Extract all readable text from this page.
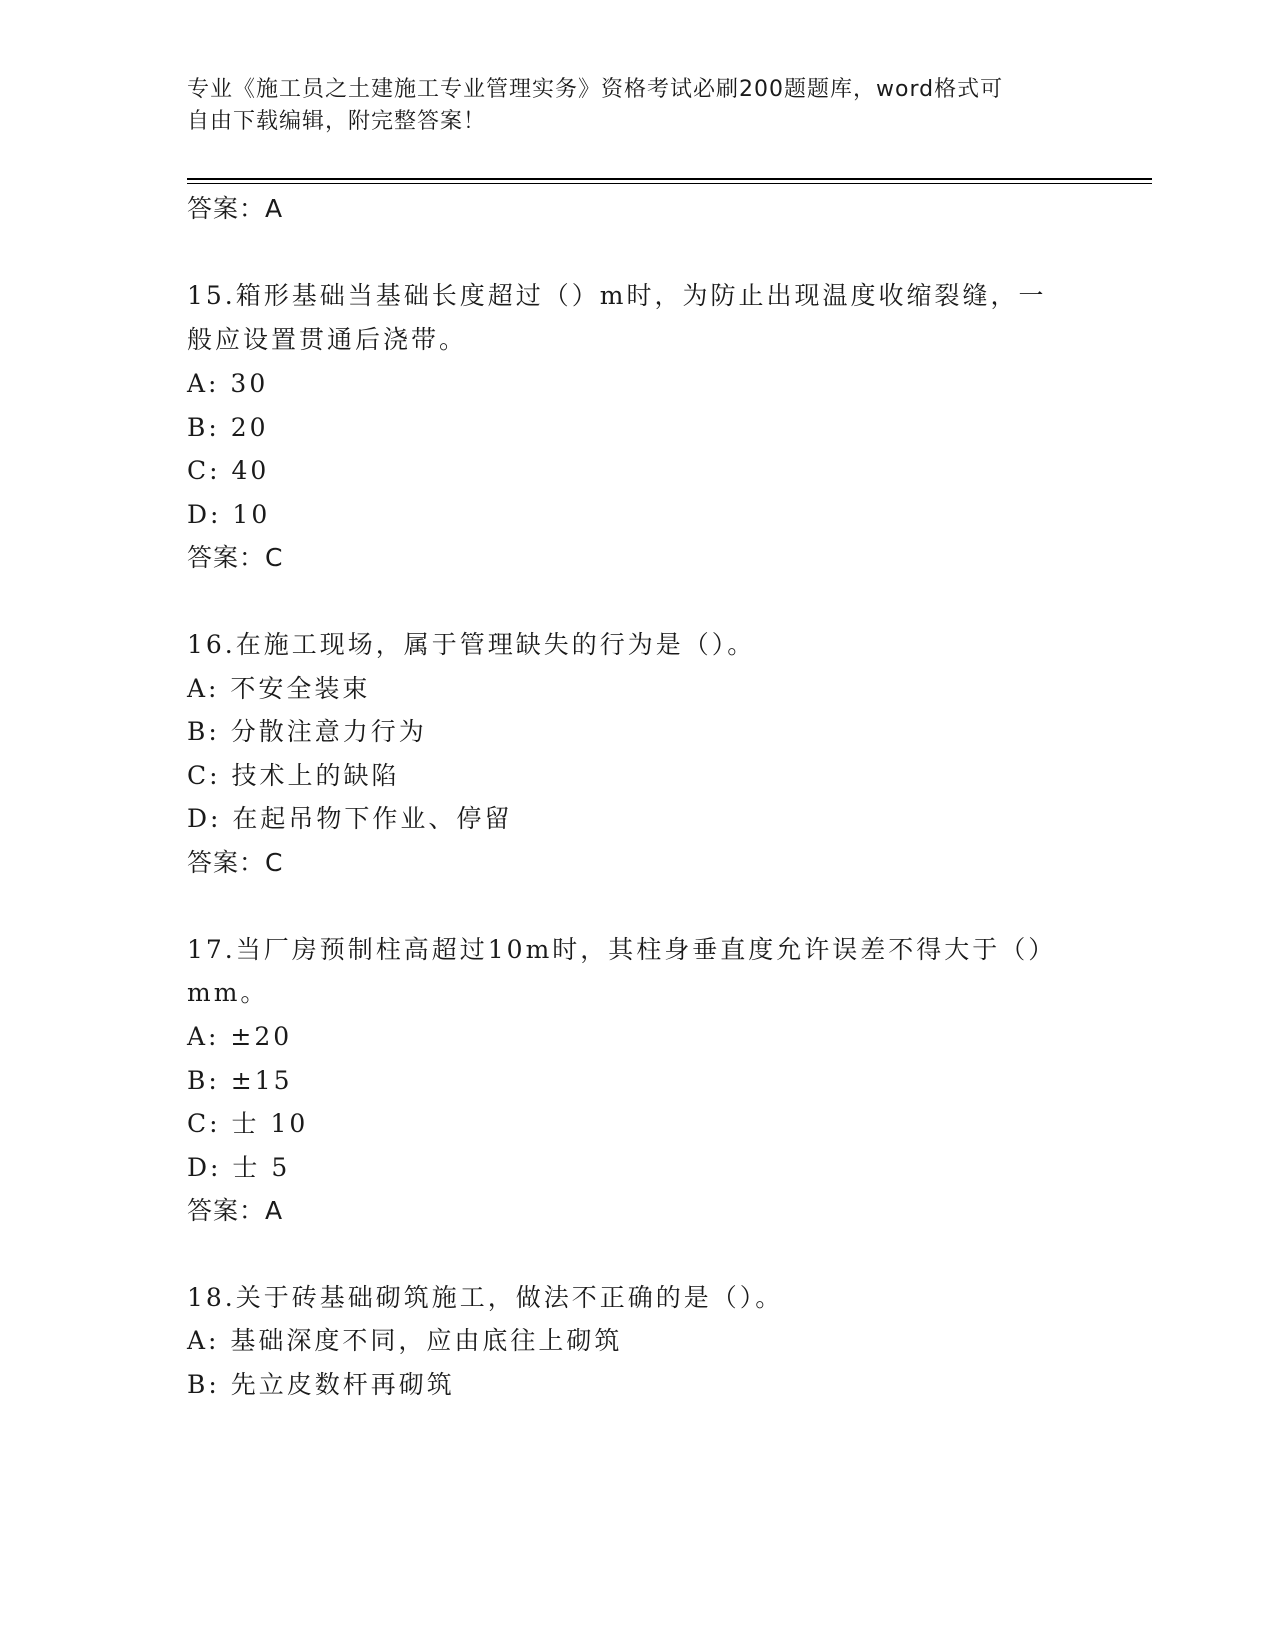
专业《施工员之土建施工专业管理实务》资格考试必刷200题题库，word格式可
自由下载编辑，附完整答案！
答案：A
15.箱形基础当基础长度超过（）m时，为防止出现温度收缩裂缝，一
般应设置贯通后浇带。
A: 30
B: 20
C: 40
D: 10
答案：C
16.在施工现场，属于管理缺失的行为是（）。
A: 不安全装束
B: 分散注意力行为
C: 技术上的缺陷
D: 在起吊物下作业、停留
答案：C
17.当厂房预制柱高超过10m时，其柱身垂直度允许误差不得大于（）
mm。
A: ±20
B: ±15
C: 士 10
D: 士 5
答案：A
18.关于砖基础砌筑施工，做法不正确的是（）。
A: 基础深度不同，应由底往上砌筑
B: 先立皮数杆再砌筑
